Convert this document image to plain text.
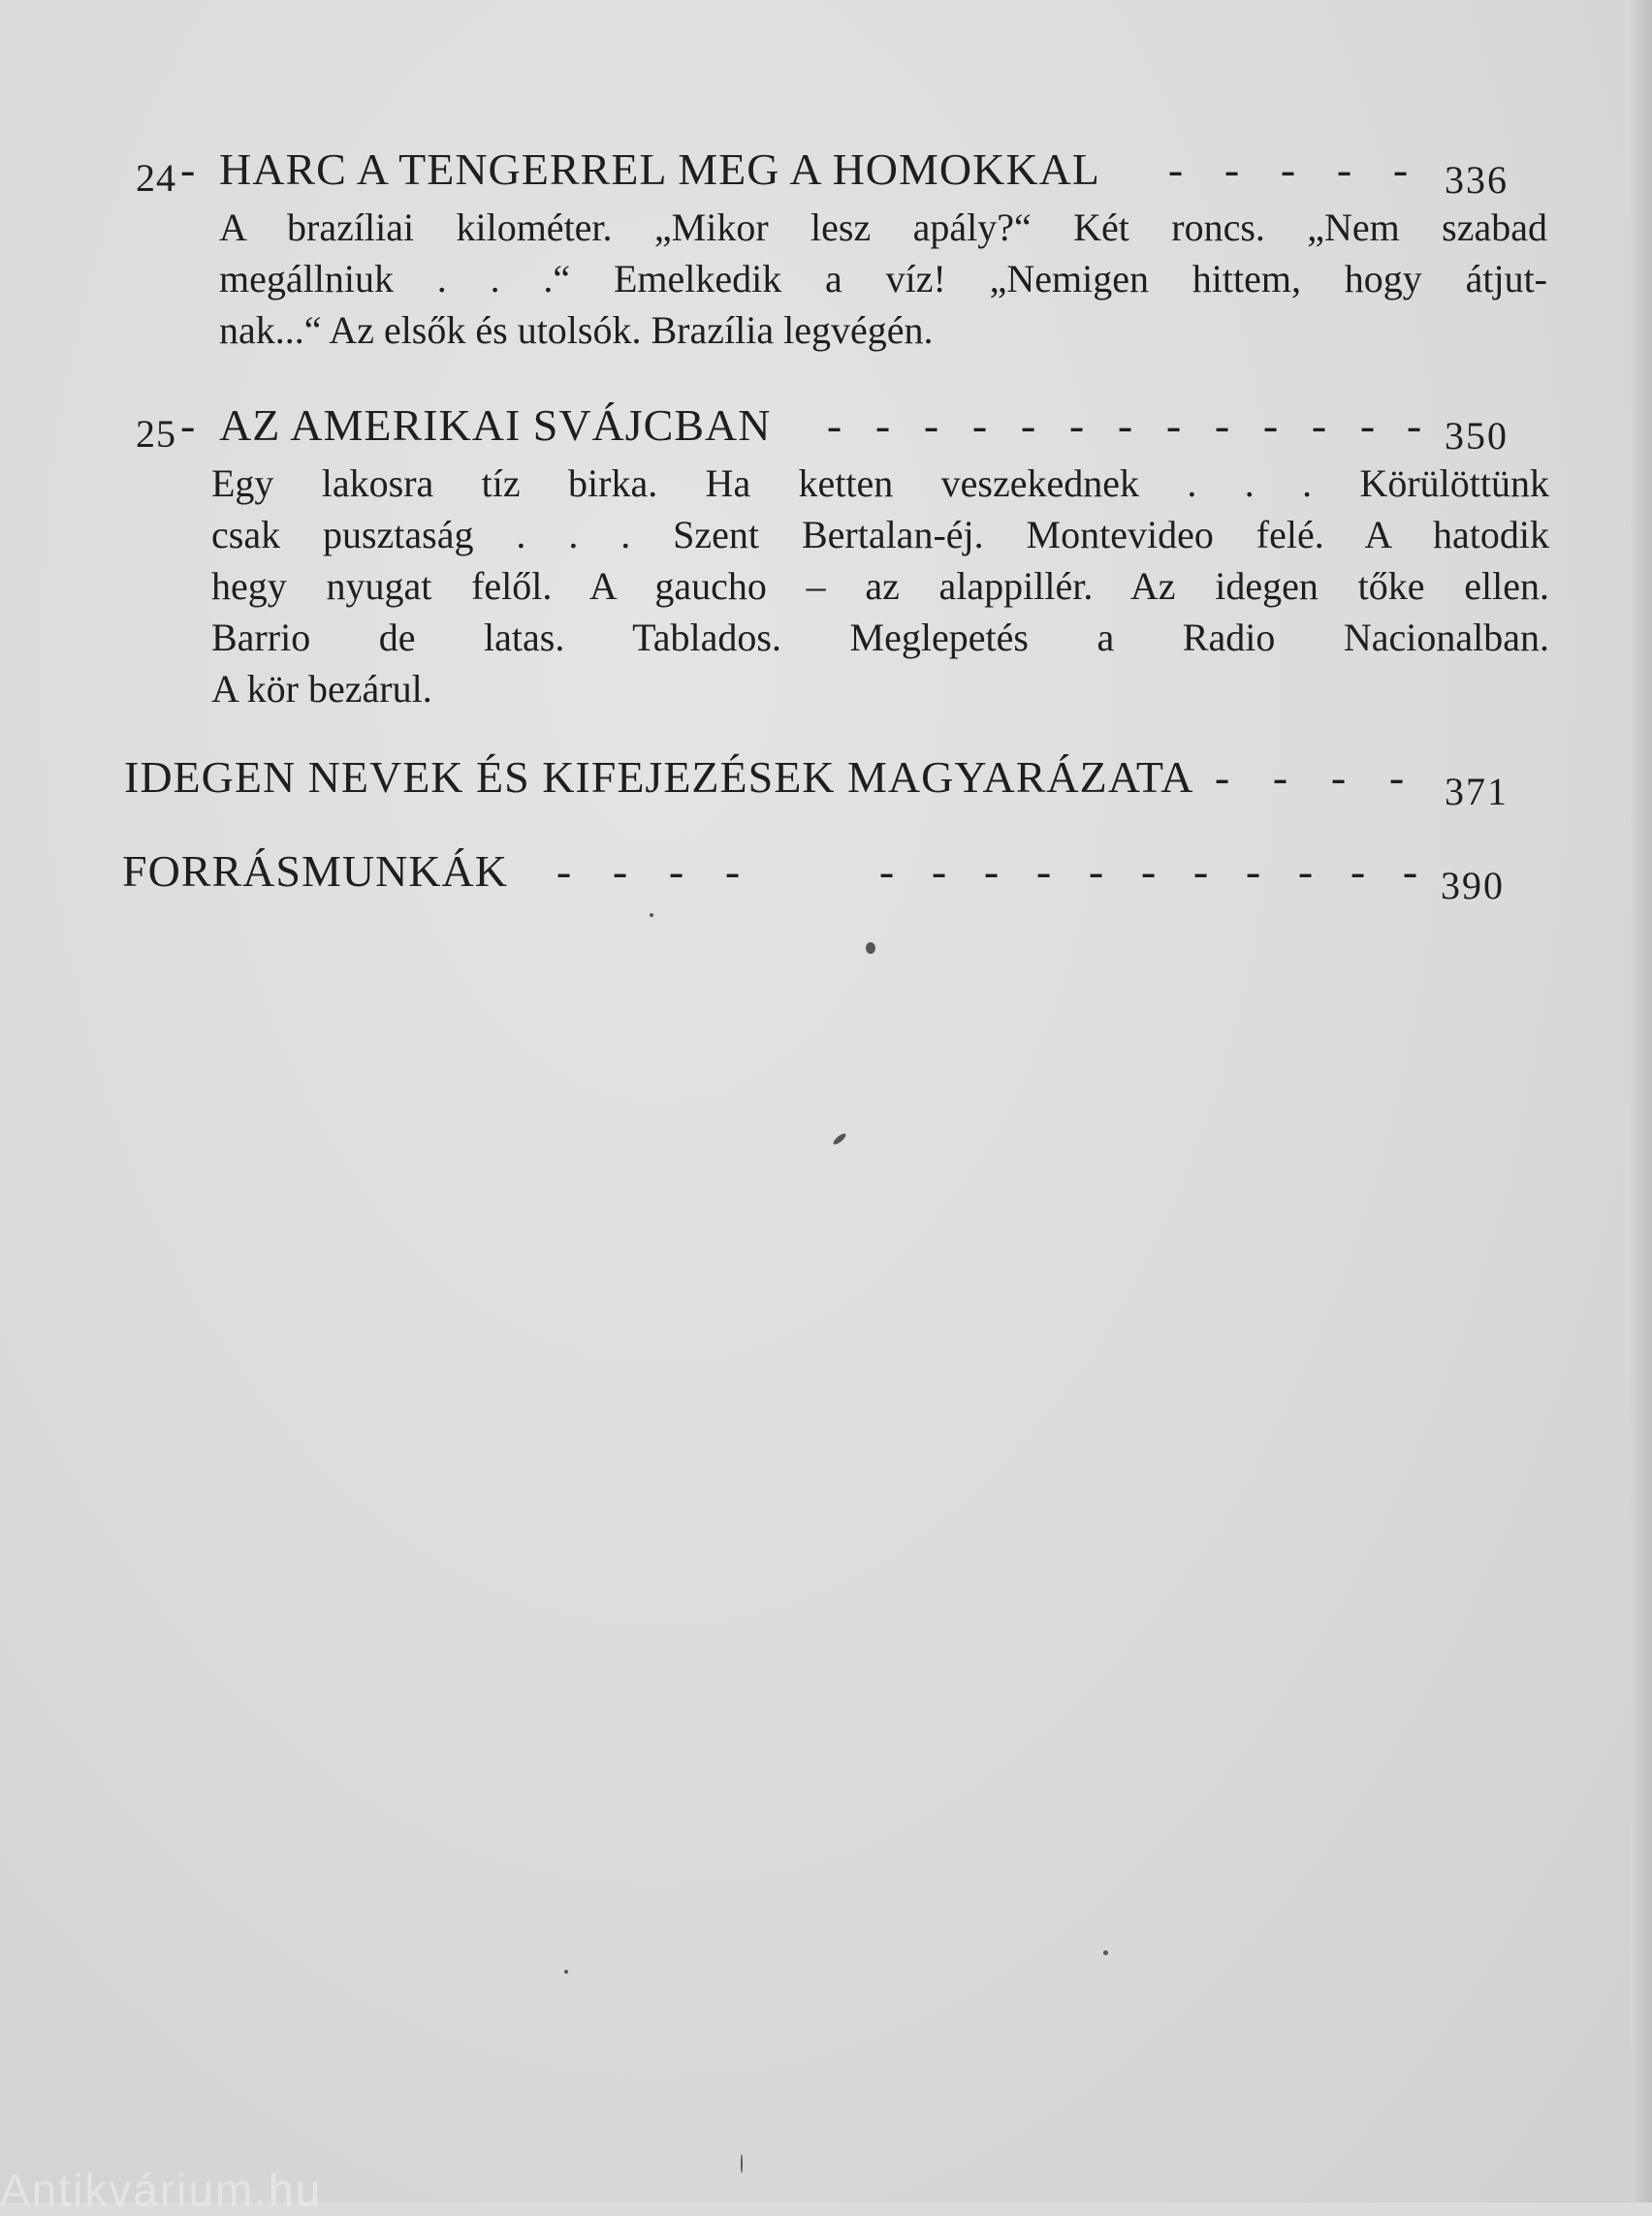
24 - HARC A TENGERREL MEG A HOMOKKAL - - - - - 336
A brazíliai kilométer. „Mikor lesz apály?“ Két roncs. „Nem szabad
megállniuk . . .“ Emelkedik a víz! „Nemigen hittem, hogy átjut-
nak...“ Az elsők és utolsók. Brazília legvégén.
25 - AZ AMERIKAI SVÁJCBAN - - - - - - - - - - - - - 350
Egy lakosra tíz birka. Ha ketten veszekednek . . . Körülöttünk
csak pusztaság . . . Szent Bertalan-éj. Montevideo felé. A hatodik
hegy nyugat felől. A gaucho – az alappillér. Az idegen tőke ellen.
Barrio de latas. Tablados. Meglepetés a Radio Nacionalban.
A kör bezárul.
IDEGEN NEVEK ÉS KIFEJEZÉSEK MAGYARÁZATA - - - - 371
FORRÁSMUNKÁK - - - -	- - - - - - - - - - - 390
Antikvárium.hu
